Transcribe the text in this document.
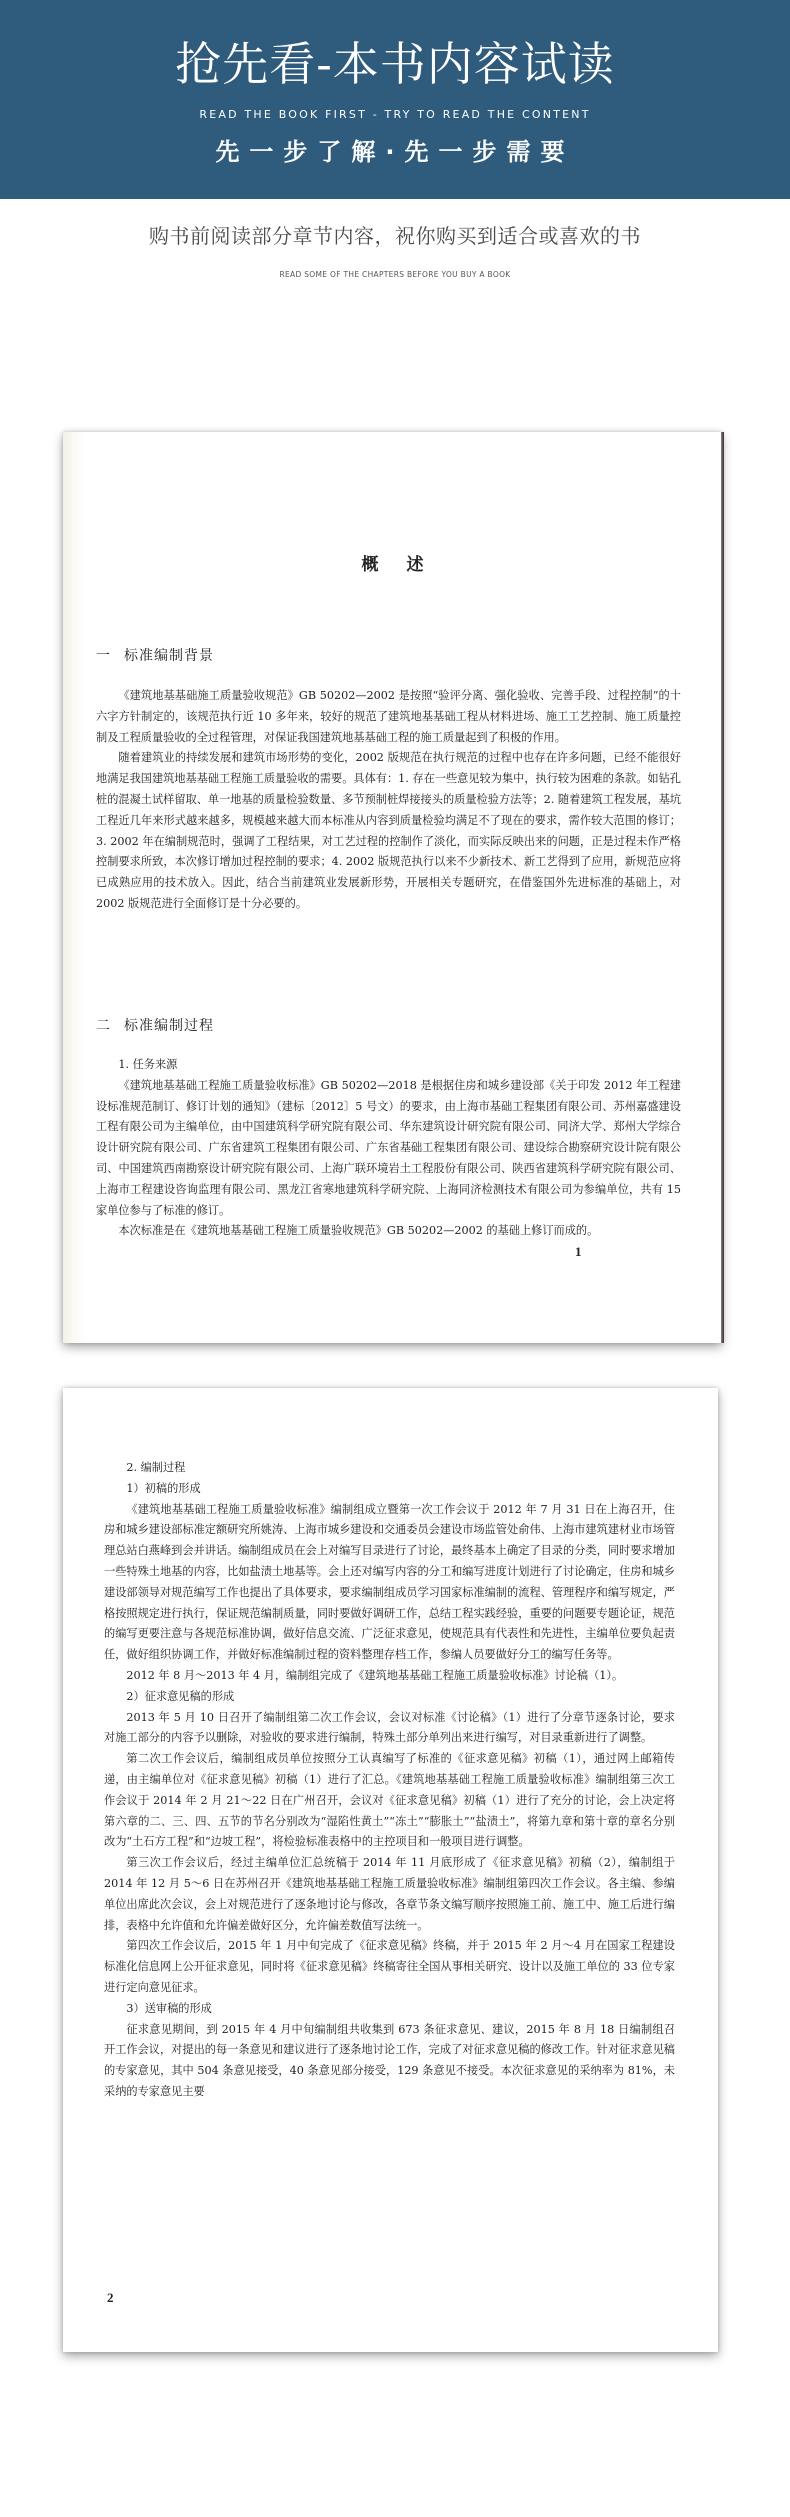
抢先看-本书内容试读
READ THE BOOK FIRST - TRY TO READ THE CONTENT
先一步了解·先一步需要
购书前阅读部分章节内容，祝你购买到适合或喜欢的书
READ SOME OF THE CHAPTERS BEFORE YOU BUY A BOOK
概述
一 标准编制背景

《建筑地基基础施工质量验收规范》GB 50202—2002 是按照“验评分离、强化验收、完善手段、过程控制”的十六字方针制定的，该规范执行近 10 多年来，较好的规范了建筑地基基础工程从材料进场、施工工艺控制、施工质量控制及工程质量验收的全过程管理，对保证我国建筑地基基础工程的施工质量起到了积极的作用。

随着建筑业的持续发展和建筑市场形势的变化，2002 版规范在执行规范的过程中也存在许多问题，已经不能很好地满足我国建筑地基基础工程施工质量验收的需要。具体有：1. 存在一些意见较为集中，执行较为困难的条款。如钻孔桩的混凝土试样留取、单一地基的质量检验数量、多节预制桩焊接接头的质量检验方法等；2. 随着建筑工程发展，基坑工程近几年来形式越来越多，规模越来越大而本标准从内容到质量检验均满足不了现在的要求，需作较大范围的修订；3. 2002 年在编制规范时，强调了工程结果，对工艺过程的控制作了淡化，而实际反映出来的问题，正是过程未作严格控制要求所致，本次修订增加过程控制的要求；4. 2002 版规范执行以来不少新技术、新工艺得到了应用，新规范应将已成熟应用的技术放入。因此，结合当前建筑业发展新形势，开展相关专题研究，在借鉴国外先进标准的基础上，对 2002 版规范进行全面修订是十分必要的。

二 标准编制过程

1. 任务来源

《建筑地基基础工程施工质量验收标准》GB 50202—2018 是根据住房和城乡建设部《关于印发 2012 年工程建设标准规范制订、修订计划的通知》（建标〔2012〕5 号文）的要求，由上海市基础工程集团有限公司、苏州嘉盛建设工程有限公司为主编单位，由中国建筑科学研究院有限公司、华东建筑设计研究院有限公司、同济大学、郑州大学综合设计研究院有限公司、广东省建筑工程集团有限公司、广东省基础工程集团有限公司、建设综合勘察研究设计院有限公司、中国建筑西南勘察设计研究院有限公司、上海广联环境岩土工程股份有限公司、陕西省建筑科学研究院有限公司、上海市工程建设咨询监理有限公司、黑龙江省寒地建筑科学研究院、上海同济检测技术有限公司为参编单位，共有 15 家单位参与了标准的修订。

本次标准是在《建筑地基基础工程施工质量验收规范》GB 50202—2002 的基础上修订而成的。

1

2. 编制过程

1）初稿的形成

《建筑地基基础工程施工质量验收标准》编制组成立暨第一次工作会议于 2012 年 7 月 31 日在上海召开，住房和城乡建设部标准定额研究所姚涛、上海市城乡建设和交通委员会建设市场监管处俞伟、上海市建筑建材业市场管理总站白燕峰到会并讲话。编制组成员在会上对编写目录进行了讨论，最终基本上确定了目录的分类，同时要求增加一些特殊土地基的内容，比如盐渍土地基等。会上还对编写内容的分工和编写进度计划进行了讨论确定，住房和城乡建设部领导对规范编写工作也提出了具体要求，要求编制组成员学习国家标准编制的流程、管理程序和编写规定，严格按照规定进行执行，保证规范编制质量，同时要做好调研工作，总结工程实践经验，重要的问题要专题论证，规范的编写更要注意与各规范标准协调，做好信息交流、广泛征求意见，使规范具有代表性和先进性，主编单位要负起责任，做好组织协调工作，并做好标准编制过程的资料整理存档工作，参编人员要做好分工的编写任务等。

2012 年 8 月～2013 年 4 月，编制组完成了《建筑地基基础工程施工质量验收标准》讨论稿（1）。

2）征求意见稿的形成

2013 年 5 月 10 日召开了编制组第二次工作会议，会议对标准《讨论稿》（1）进行了分章节逐条讨论，要求对施工部分的内容予以删除，对验收的要求进行编制，特殊土部分单列出来进行编写，对目录重新进行了调整。

第二次工作会议后，编制组成员单位按照分工认真编写了标准的《征求意见稿》初稿（1），通过网上邮箱传递，由主编单位对《征求意见稿》初稿（1）进行了汇总。《建筑地基基础工程施工质量验收标准》编制组第三次工作会议于 2014 年 2 月 21～22 日在广州召开，会议对《征求意见稿》初稿（1）进行了充分的讨论，会上决定将第六章的二、三、四、五节的节名分别改为“湿陷性黄土”“冻土”“膨胀土”“盐渍土”，将第九章和第十章的章名分别改为“土石方工程”和“边坡工程”，将检验标准表格中的主控项目和一般项目进行调整。

第三次工作会议后，经过主编单位汇总统稿于 2014 年 11 月底形成了《征求意见稿》初稿（2），编制组于 2014 年 12 月 5～6 日在苏州召开《建筑地基基础工程施工质量验收标准》编制组第四次工作会议。各主编、参编单位出席此次会议，会上对规范进行了逐条地讨论与修改，各章节条文编写顺序按照施工前、施工中、施工后进行编排，表格中允许值和允许偏差做好区分，允许偏差数值写法统一。

第四次工作会议后，2015 年 1 月中旬完成了《征求意见稿》终稿，并于 2015 年 2 月～4 月在国家工程建设标准化信息网上公开征求意见，同时将《征求意见稿》终稿寄往全国从事相关研究、设计以及施工单位的 33 位专家进行定向意见征求。

3）送审稿的形成

征求意见期间，到 2015 年 4 月中旬编制组共收集到 673 条征求意见、建议，2015 年 8 月 18 日编制组召开工作会议，对提出的每一条意见和建议进行了逐条地讨论工作，完成了对征求意见稿的修改工作。针对征求意见稿的专家意见，其中 504 条意见接受，40 条意见部分接受，129 条意见不接受。本次征求意见的采纳率为 81%，未采纳的专家意见主要

2
